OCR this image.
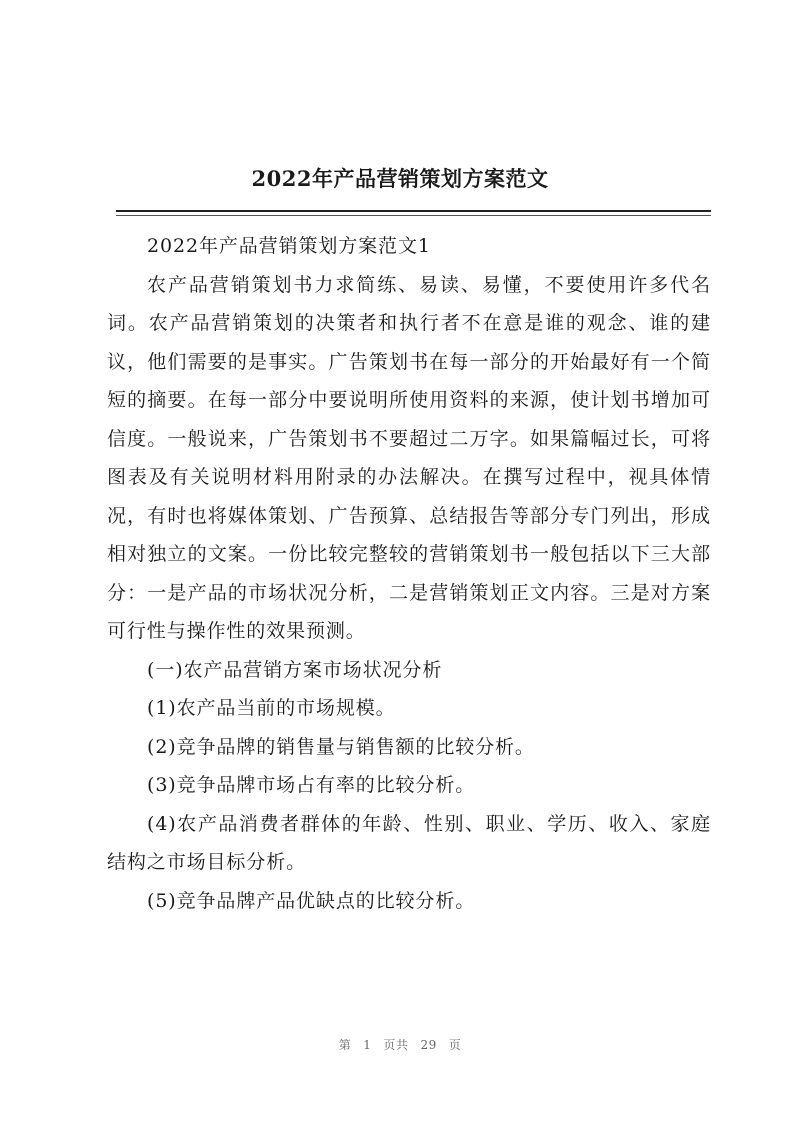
2022年产品营销策划方案范文

2022年产品营销策划方案范文1

农产品营销策划书力求简练、易读、易懂，不要使用许多代名词。农产品营销策划的决策者和执行者不在意是谁的观念、谁的建议，他们需要的是事实。广告策划书在每一部分的开始最好有一个简短的摘要。在每一部分中要说明所使用资料的来源，使计划书增加可信度。一般说来，广告策划书不要超过二万字。如果篇幅过长，可将图表及有关说明材料用附录的办法解决。在撰写过程中，视具体情况，有时也将媒体策划、广告预算、总结报告等部分专门列出，形成相对独立的文案。一份比较完整较的营销策划书一般包括以下三大部分：一是产品的市场状况分析，二是营销策划正文内容。三是对方案可行性与操作性的效果预测。

(一)农产品营销方案市场状况分析

(1)农产品当前的市场规模。

(2)竞争品牌的销售量与销售额的比较分析。

(3)竞争品牌市场占有率的比较分析。

(4)农产品消费者群体的年龄、性别、职业、学历、收入、家庭结构之市场目标分析。

(5)竞争品牌产品优缺点的比较分析。

第 1 页共 29 页
